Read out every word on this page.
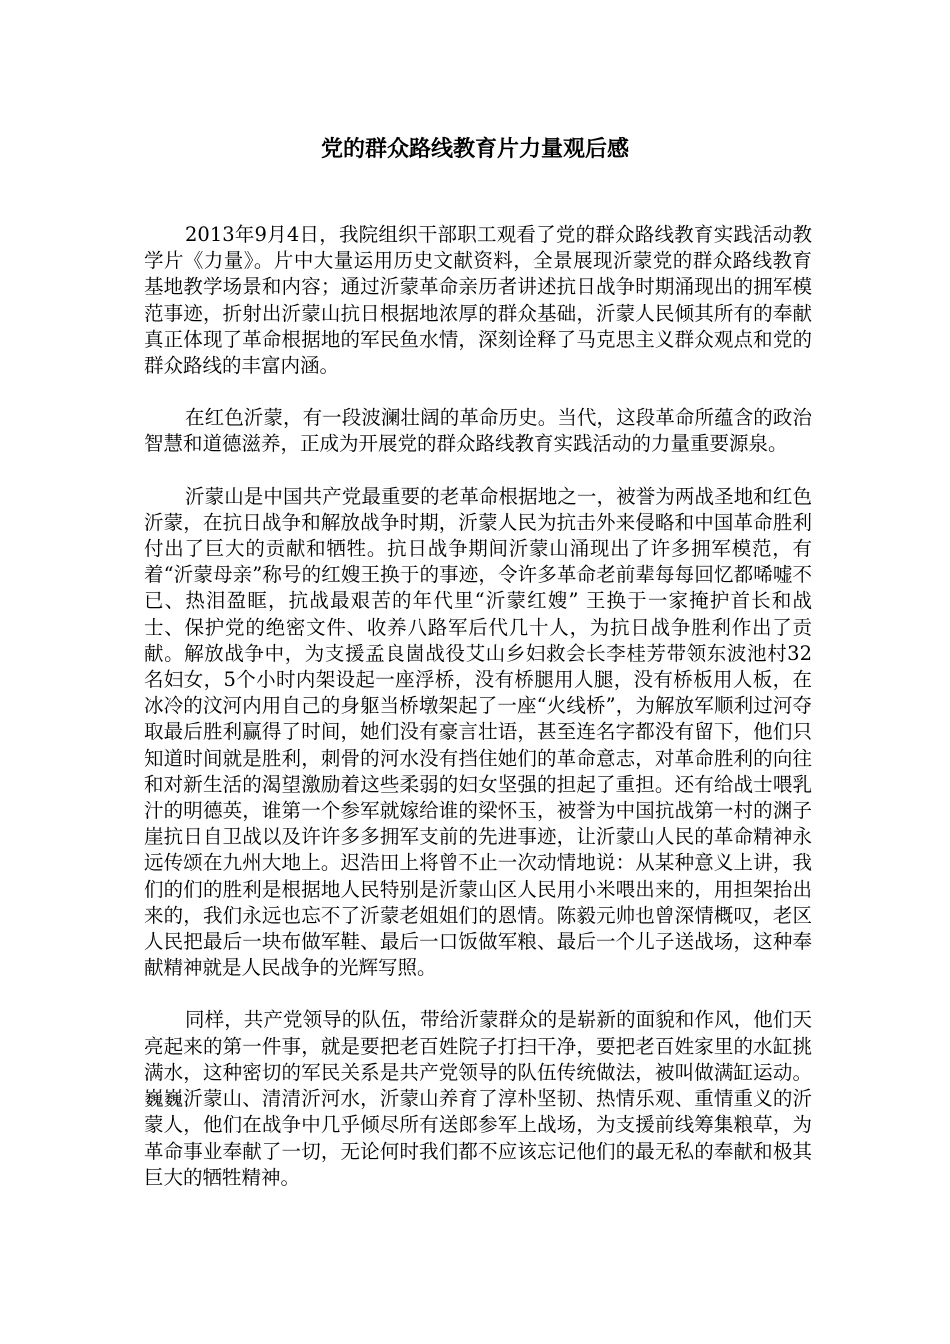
党的群众路线教育片力量观后感

2013年9月4日，我院组织干部职工观看了党的群众路线教育实践活动教学片《力量》。片中大量运用历史文献资料，全景展现沂蒙党的群众路线教育基地教学场景和内容；通过沂蒙革命亲历者讲述抗日战争时期涌现出的拥军模范事迹，折射出沂蒙山抗日根据地浓厚的群众基础，沂蒙人民倾其所有的奉献真正体现了革命根据地的军民鱼水情，深刻诠释了马克思主义群众观点和党的群众路线的丰富内涵。

在红色沂蒙，有一段波澜壮阔的革命历史。当代，这段革命所蕴含的政治智慧和道德滋养，正成为开展党的群众路线教育实践活动的力量重要源泉。

沂蒙山是中国共产党最重要的老革命根据地之一，被誉为两战圣地和红色沂蒙，在抗日战争和解放战争时期，沂蒙人民为抗击外来侵略和中国革命胜利付出了巨大的贡献和牺牲。抗日战争期间沂蒙山涌现出了许多拥军模范，有着“沂蒙母亲”称号的红嫂王换于的事迹，令许多革命老前辈每每回忆都唏嘘不已、热泪盈眶，抗战最艰苦的年代里“沂蒙红嫂” 王换于一家掩护首长和战士、保护党的绝密文件、收养八路军后代几十人，为抗日战争胜利作出了贡献。解放战争中，为支援孟良崮战役艾山乡妇救会长李桂芳带领东波池村32名妇女，5个小时内架设起一座浮桥，没有桥腿用人腿，没有桥板用人板，在冰冷的汶河内用自己的身躯当桥墩架起了一座“火线桥”，为解放军顺利过河夺取最后胜利赢得了时间，她们没有豪言壮语，甚至连名字都没有留下，他们只知道时间就是胜利，刺骨的河水没有挡住她们的革命意志，对革命胜利的向往和对新生活的渴望激励着这些柔弱的妇女坚强的担起了重担。还有给战士喂乳汁的明德英，谁第一个参军就嫁给谁的梁怀玉，被誉为中国抗战第一村的渊子崖抗日自卫战以及许许多多拥军支前的先进事迹，让沂蒙山人民的革命精神永远传颂在九州大地上。迟浩田上将曾不止一次动情地说：从某种意义上讲，我们的们的胜利是根据地人民特别是沂蒙山区人民用小米喂出来的，用担架抬出来的，我们永远也忘不了沂蒙老姐姐们的恩情。陈毅元帅也曾深情概叹，老区人民把最后一块布做军鞋、最后一口饭做军粮、最后一个儿子送战场，这种奉献精神就是人民战争的光辉写照。

同样，共产党领导的队伍，带给沂蒙群众的是崭新的面貌和作风，他们天亮起来的第一件事，就是要把老百姓院子打扫干净，要把老百姓家里的水缸挑满水，这种密切的军民关系是共产党领导的队伍传统做法，被叫做满缸运动。巍巍沂蒙山、清清沂河水，沂蒙山养育了淳朴坚韧、热情乐观、重情重义的沂蒙人，他们在战争中几乎倾尽所有送郎参军上战场，为支援前线筹集粮草，为革命事业奉献了一切，无论何时我们都不应该忘记他们的最无私的奉献和极其巨大的牺牲精神。
